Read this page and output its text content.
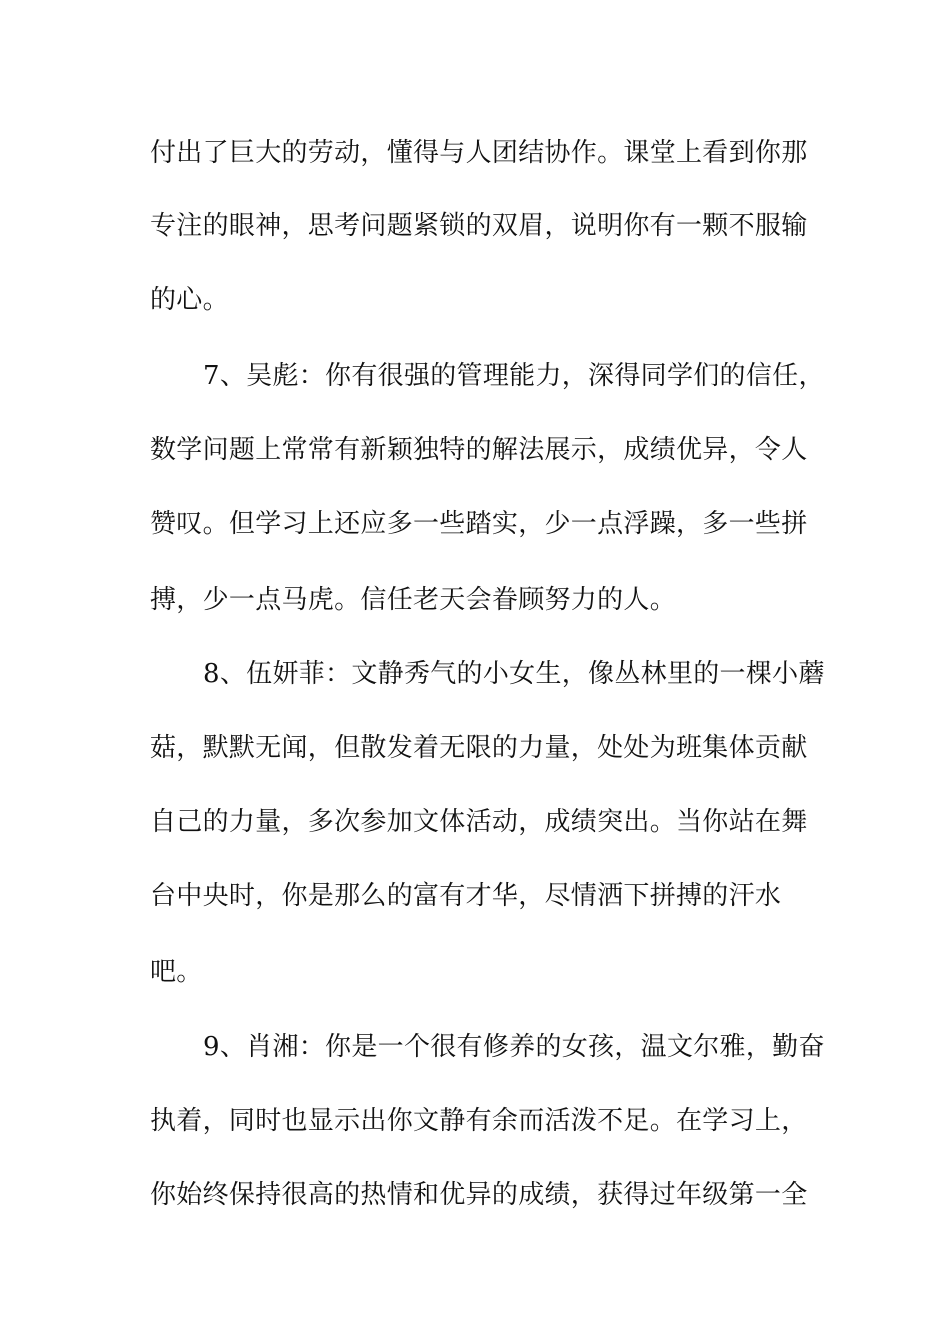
付出了巨大的劳动，懂得与人团结协作。课堂上看到你那

专注的眼神，思考问题紧锁的双眉，说明你有一颗不服输

的心。

7、吴彪：你有很强的管理能力，深得同学们的信任，

数学问题上常常有新颖独特的解法展示，成绩优异，令人

赞叹。但学习上还应多一些踏实，少一点浮躁，多一些拼

搏，少一点马虎。信任老天会眷顾努力的人。

8、伍妍菲：文静秀气的小女生，像丛林里的一棵小蘑

菇，默默无闻，但散发着无限的力量，处处为班集体贡献

自己的力量，多次参加文体活动，成绩突出。当你站在舞

台中央时，你是那么的富有才华，尽情洒下拼搏的汗水

吧。

9、肖湘：你是一个很有修养的女孩，温文尔雅，勤奋

执着，同时也显示出你文静有余而活泼不足。在学习上，

你始终保持很高的热情和优异的成绩，获得过年级第一全
